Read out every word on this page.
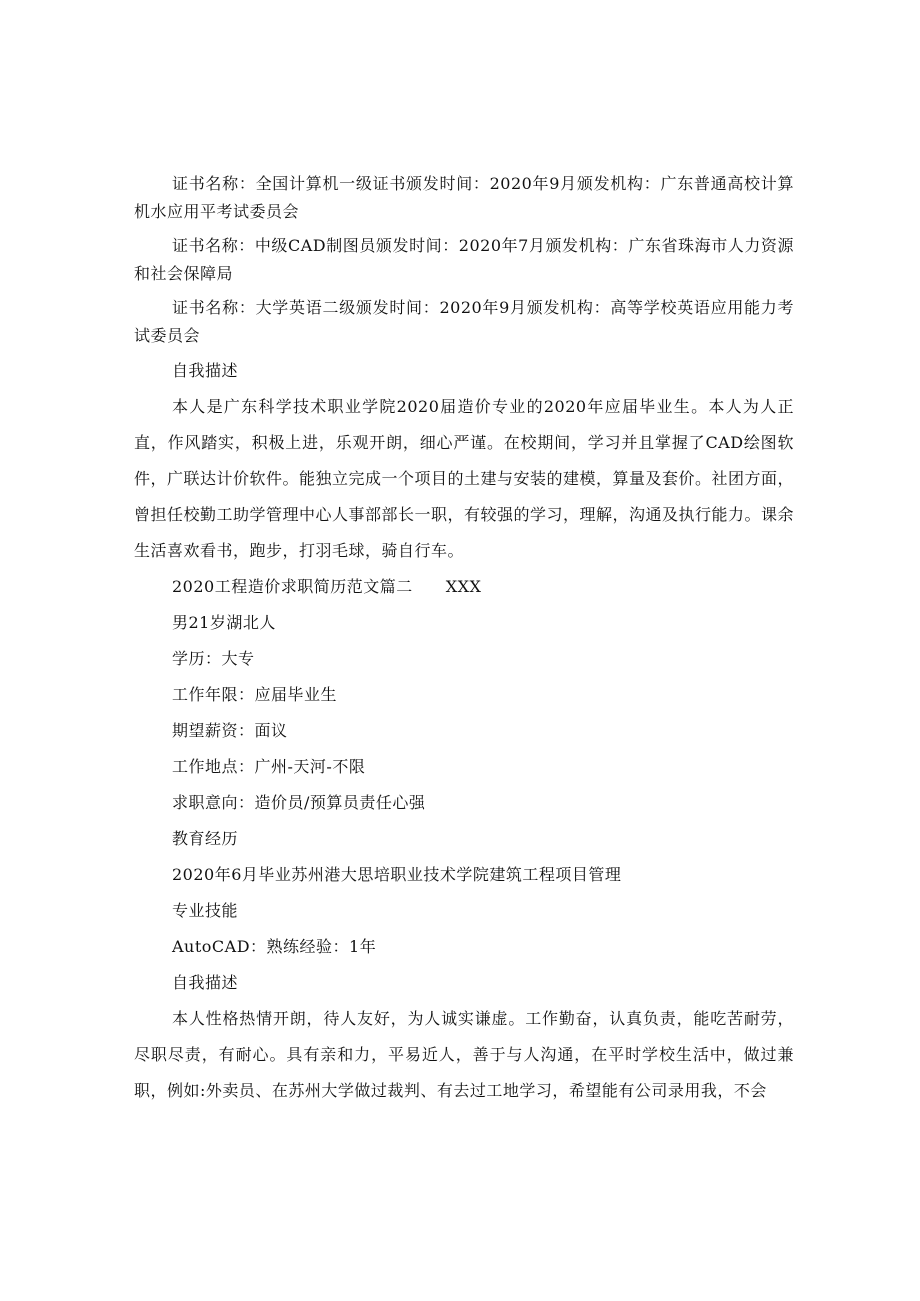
证书名称：全国计算机一级证书颁发时间：2020年9月颁发机构：广东普通高校计算机水应用平考试委员会

证书名称：中级CAD制图员颁发时间：2020年7月颁发机构：广东省珠海市人力资源和社会保障局

证书名称：大学英语二级颁发时间：2020年9月颁发机构：高等学校英语应用能力考试委员会

自我描述

本人是广东科学技术职业学院2020届造价专业的2020年应届毕业生。本人为人正直，作风踏实，积极上进，乐观开朗，细心严谨。在校期间，学习并且掌握了CAD绘图软件，广联达计价软件。能独立完成一个项目的土建与安装的建模，算量及套价。社团方面，曾担任校勤工助学管理中心人事部部长一职，有较强的学习，理解，沟通及执行能力。课余生活喜欢看书，跑步，打羽毛球，骑自行车。

2020工程造价求职简历范文篇二　　XXX

男21岁湖北人

学历：大专

工作年限：应届毕业生

期望薪资：面议

工作地点：广州-天河-不限

求职意向：造价员/预算员责任心强

教育经历

2020年6月毕业苏州港大思培职业技术学院建筑工程项目管理

专业技能

AutoCAD：熟练经验：1年

自我描述

本人性格热情开朗，待人友好，为人诚实谦虚。工作勤奋，认真负责，能吃苦耐劳，尽职尽责，有耐心。具有亲和力，平易近人，善于与人沟通，在平时学校生活中，做过兼职，例如:外卖员、在苏州大学做过裁判、有去过工地学习，希望能有公司录用我，不会
